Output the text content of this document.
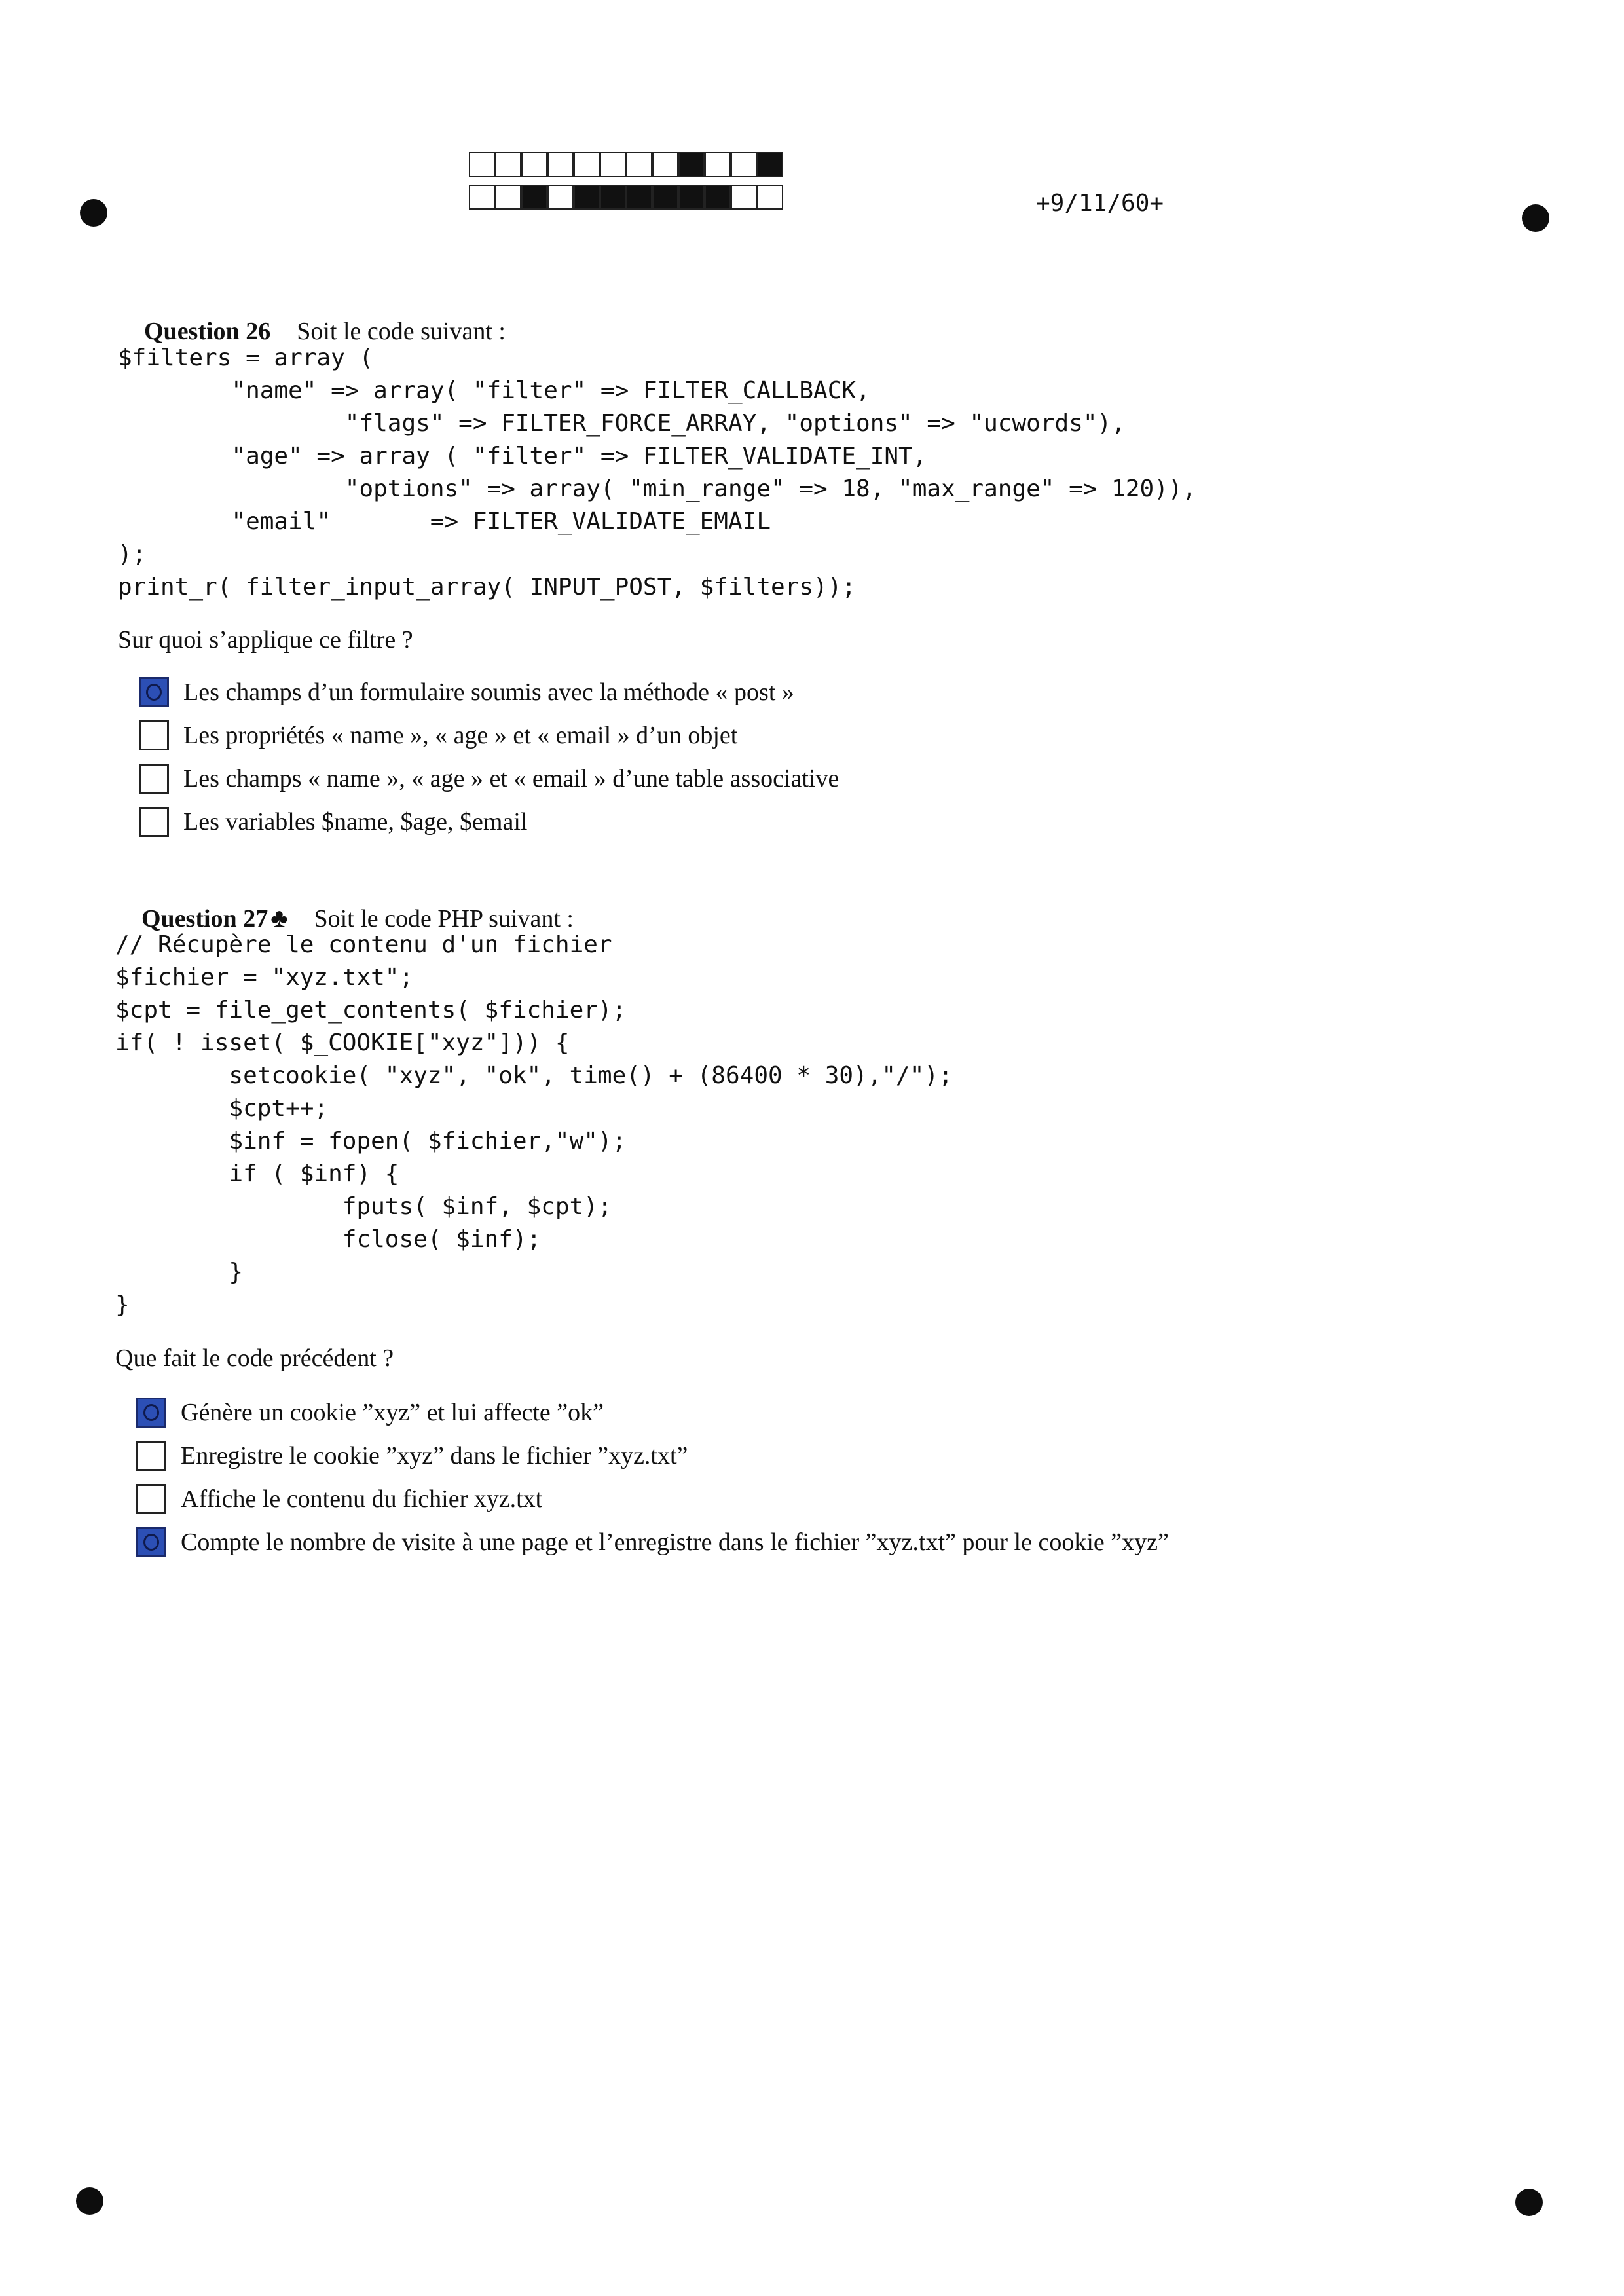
+9/11/60+

Question 26 Soit le code suivant :

$filters = array (
"name" => array( "filter" => FILTER_CALLBACK,
"flags" => FILTER_FORCE_ARRAY, "options" => "ucwords"),
"age" => array ( "filter" => FILTER_VALIDATE_INT,
"options" => array( "min_range" => 18, "max_range" => 120)),
"email"       => FILTER_VALIDATE_EMAIL
);
print_r( filter_input_array( INPUT_POST, $filters));
Sur quoi s’applique ce filtre ?
Les champs d’un formulaire soumis avec la méthode « post »
Les propriétés « name », « age » et « email » d’un objet
Les champs « name », « age » et « email » d’une table associative
Les variables $name, $age, $email

Question 27 ♣ Soit le code PHP suivant :

// Récupère le contenu d'un fichier
$fichier = "xyz.txt";
$cpt = file_get_contents( $fichier);
if( ! isset( $_COOKIE["xyz"])) {
setcookie( "xyz", "ok", time() + (86400 * 30),"/");
$cpt++;
$inf = fopen( $fichier,"w");
if ( $inf) {
fputs( $inf, $cpt);
fclose( $inf);
}
}
Que fait le code précédent ?
Génère un cookie ”xyz” et lui affecte ”ok”
Enregistre le cookie ”xyz” dans le fichier ”xyz.txt”
Affiche le contenu du fichier xyz.txt
Compte le nombre de visite à une page et l’enregistre dans le fichier ”xyz.txt” pour le cookie ”xyz”
